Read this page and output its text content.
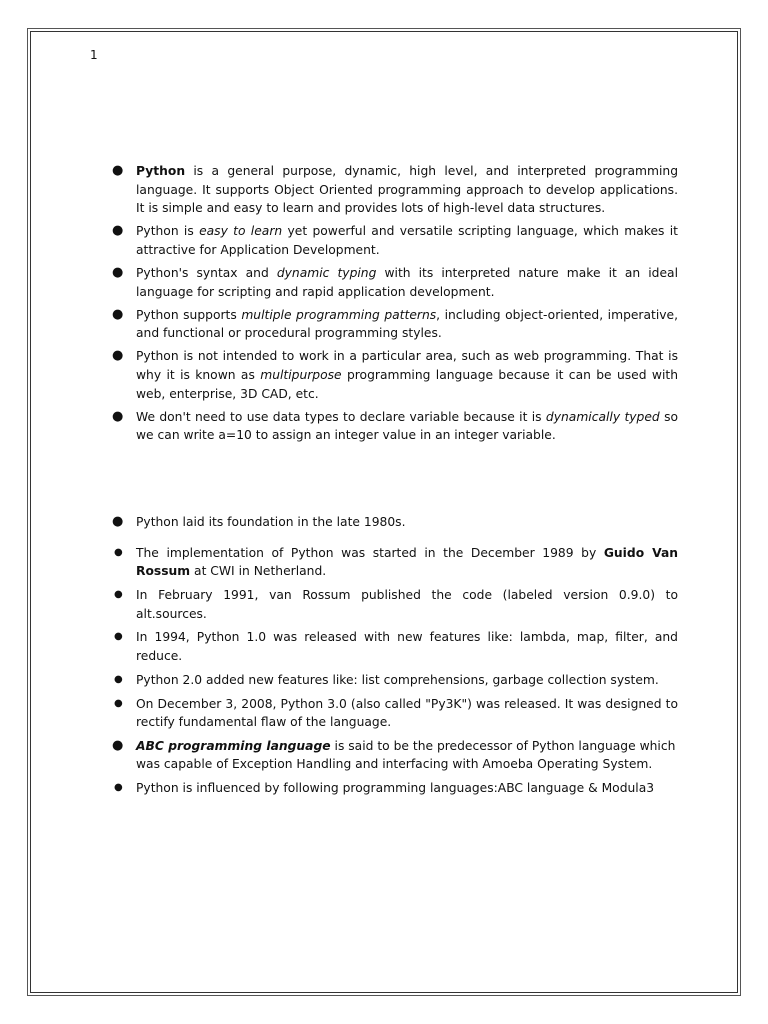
1
● Python is a general purpose, dynamic, high level, and interpreted programming language. It supports Object Oriented programming approach to develop applications. It is simple and easy to learn and provides lots of high-level data structures.
● Python is easy to learn yet powerful and versatile scripting language, which makes it attractive for Application Development.
● Python's syntax and dynamic typing with its interpreted nature make it an ideal language for scripting and rapid application development.
● Python supports multiple programming patterns, including object-oriented, imperative, and functional or procedural programming styles.
● Python is not intended to work in a particular area, such as web programming. That is why it is known as multipurpose programming language because it can be used with web, enterprise, 3D CAD, etc.
● We don't need to use data types to declare variable because it is dynamically typed so we can write a=10 to assign an integer value in an integer variable.
● Python laid its foundation in the late 1980s.
● The implementation of Python was started in the December 1989 by Guido Van Rossum at CWI in Netherland.
● In February 1991, van Rossum published the code (labeled version 0.9.0) to alt.sources.
● In 1994, Python 1.0 was released with new features like: lambda, map, filter, and reduce.
● Python 2.0 added new features like: list comprehensions, garbage collection system.
● On December 3, 2008, Python 3.0 (also called "Py3K") was released. It was designed to rectify fundamental flaw of the language.
● ABC programming language is said to be the predecessor of Python language which was capable of Exception Handling and interfacing with Amoeba Operating System.
● Python is influenced by following programming languages:ABC language & Modula3
